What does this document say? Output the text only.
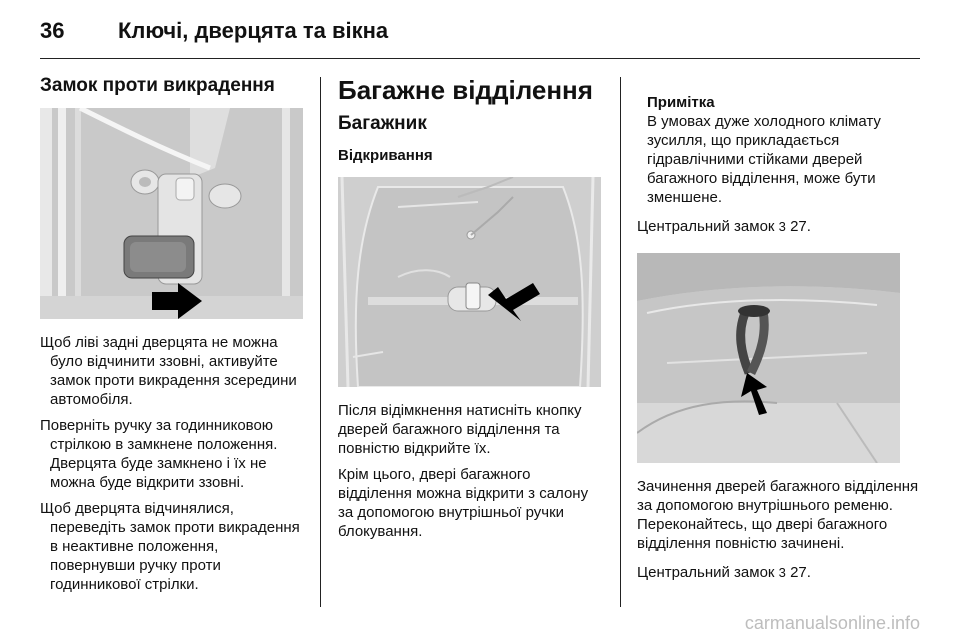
36 Ключі, дверцята та вікна
Замок проти викрадення

Щоб ліві задні дверцята не можна було відчинити ззовні, активуйте замок проти викрадення зсередини автомобіля.

Поверніть ручку за годинниковою стрілкою в замкнене положення. Дверцята буде замкнено і їх не можна буде відкрити ззовні.

Щоб дверцята відчинялися, переведіть замок проти викрадення в неактивне положення, повернувши ручку проти годинникової стрілки.

Багажне відділення
Багажник
Відкривання

Після відімкнення натисніть кнопку дверей багажного відділення та повністю відкрийте їх.

Крім цього, двері багажного відділення можна відкрити з салону за допомогою внутрішньої ручки блокування.

Примітка
В умовах дуже холодного клімату зусилля, що прикладається гідравлічними стійками дверей багажного відділення, може бути зменшене.

Центральний замок 3 27.

Зачинення дверей багажного відділення за допомогою внутрішнього ременю. Переконайтесь, що двері багажного відділення повністю зачинені.

Центральний замок 3 27.

carmanualsonline.info
